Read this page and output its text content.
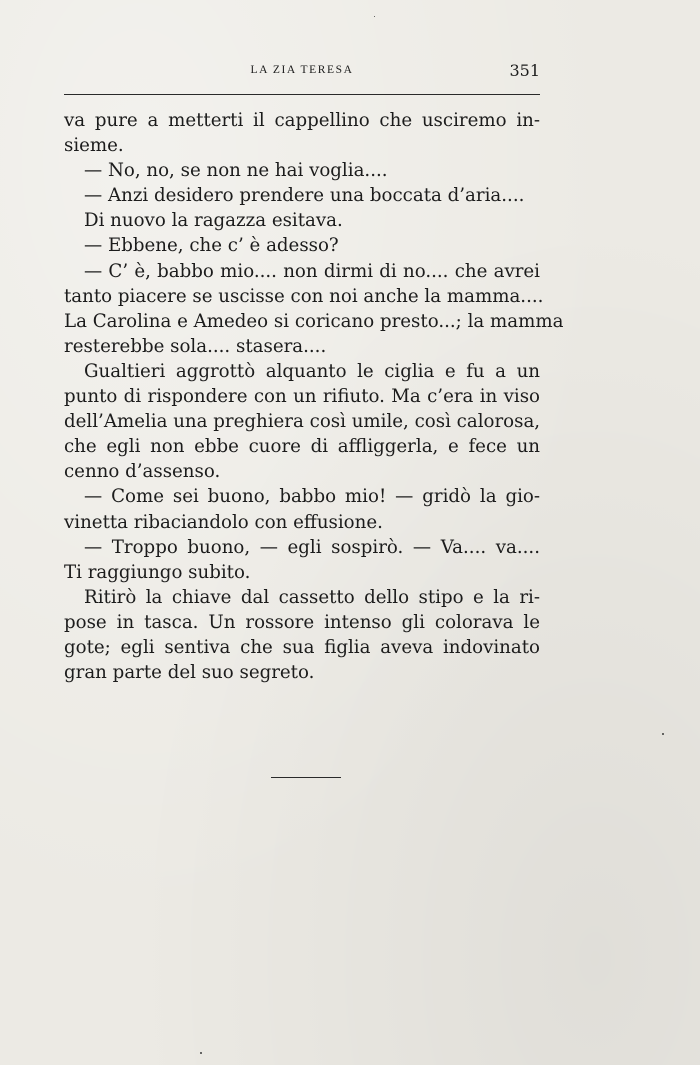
LA ZIA TERESA	351
va pure a metterti il cappellino che usciremo in-
sieme.
— No, no, se non ne hai voglia....
— Anzi desidero prendere una boccata d’aria....
Di nuovo la ragazza esitava.
— Ebbene, che c’ è adesso?
— C’ è, babbo mio.... non dirmi di no.... che avrei
tanto piacere se uscisse con noi anche la mamma....
La Carolina e Amedeo si coricano presto...; la mamma
resterebbe sola.... stasera....
Gualtieri aggrottò alquanto le ciglia e fu a un
punto di rispondere con un rifiuto. Ma c’era in viso
dell’Amelia una preghiera così umile, così calorosa,
che egli non ebbe cuore di affliggerla, e fece un
cenno d’assenso.
— Come sei buono, babbo mio! — gridò la gio-
vinetta ribaciandolo con effusione.
— Troppo buono, — egli sospirò. — Va.... va....
Ti raggiungo subito.
Ritirò la chiave dal cassetto dello stipo e la ri-
pose in tasca. Un rossore intenso gli colorava le
gote; egli sentiva che sua figlia aveva indovinato
gran parte del suo segreto.
